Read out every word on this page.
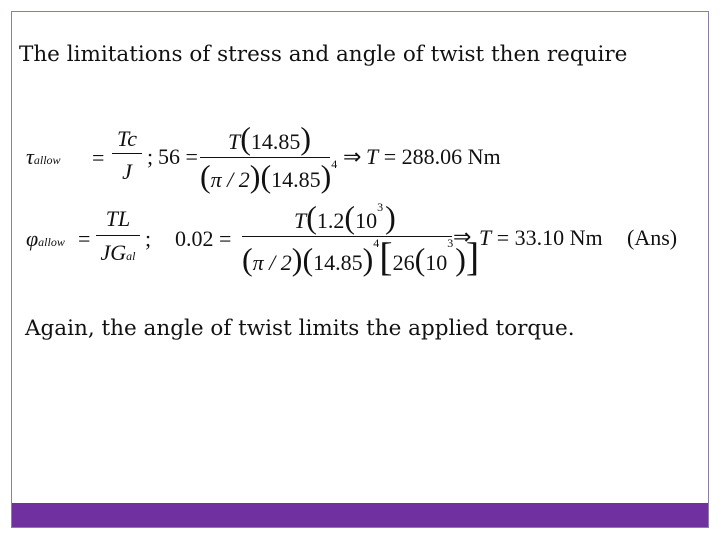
The limitations of stress and angle of twist then require
τallow =
Tc
J
; 56 =
T(14.85)
(π / 2)(14.85) 4 ⇒ T = 288.06 Nm
φallow =
TL
JGal
; 0.02 =
T(1.2(10
3 )
(π / 2)(14.85) 4 [26(10
3 )]
⇒ T = 33.10 Nm (Ans)
Again, the angle of twist limits the applied torque.
